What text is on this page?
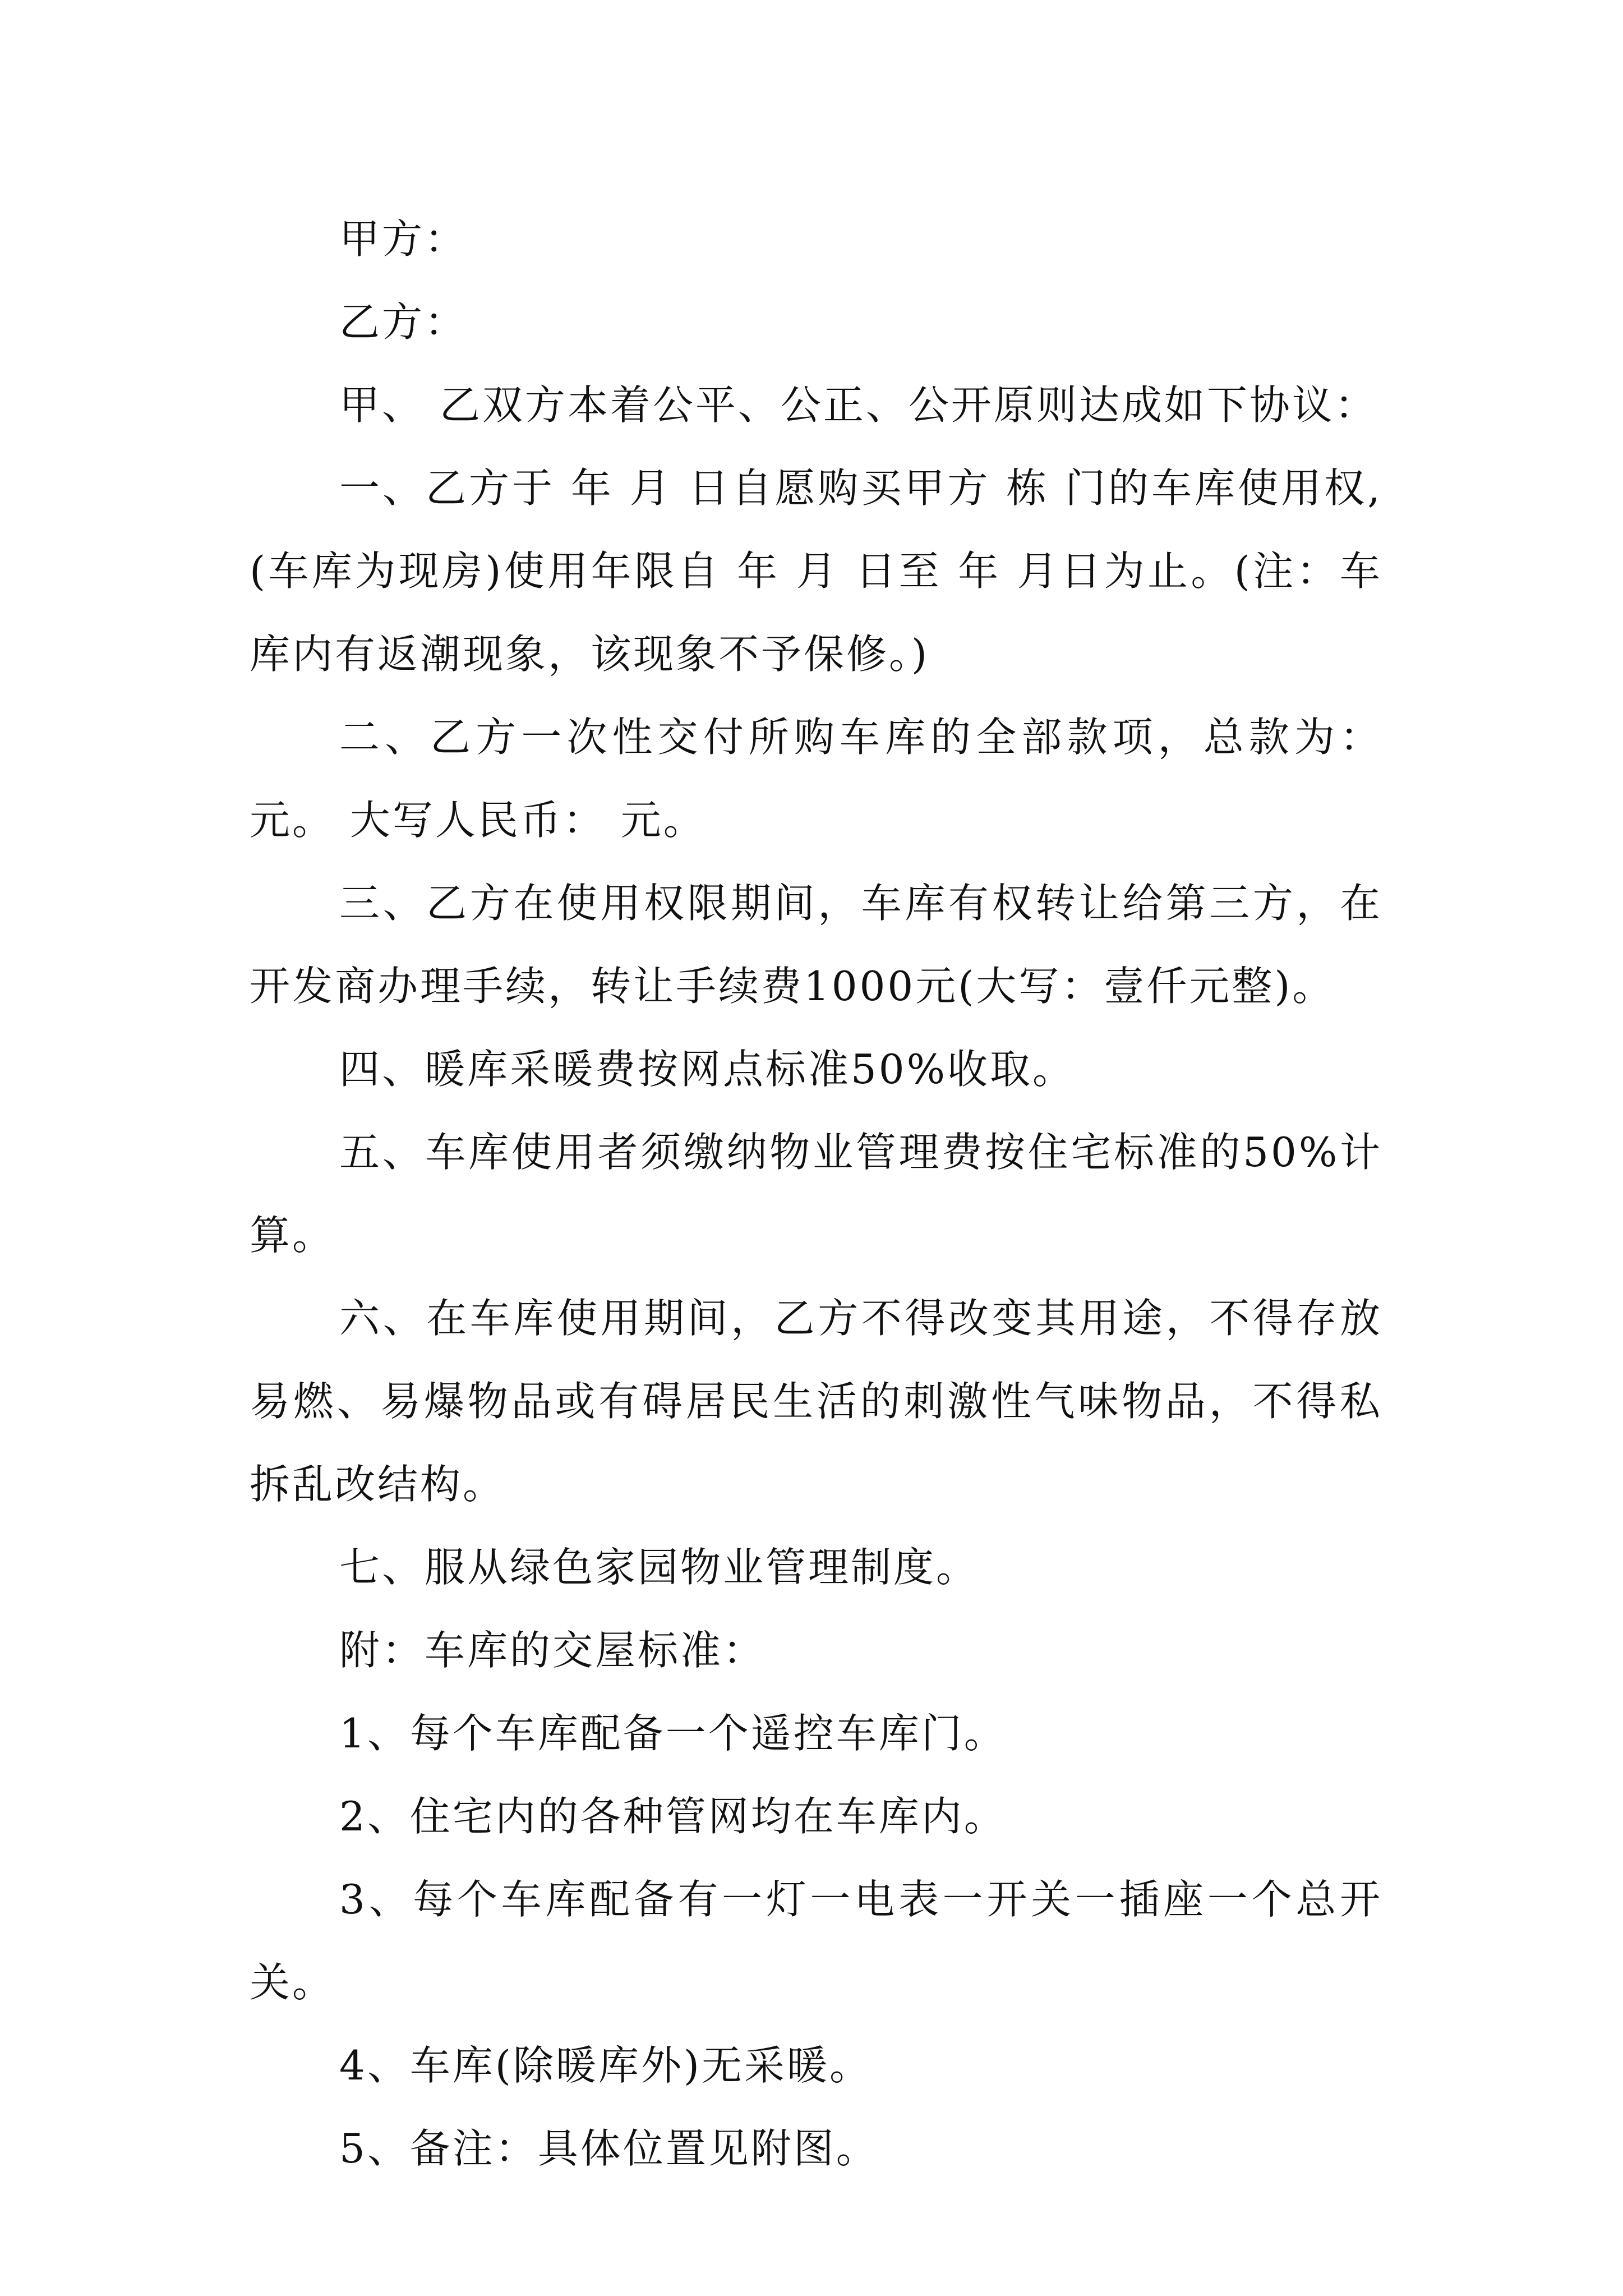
甲方：

乙方：

甲、 乙双方本着公平、公正、公开原则达成如下协议：

一、乙方于 年 月 日自愿购买甲方 栋 门的车库使用权,(车库为现房)使用年限自 年 月 日至 年 月日为止。(注：车库内有返潮现象，该现象不予保修。)

二、乙方一次性交付所购车库的全部款项，总款为： 元。 大写人民币： 元。

三、乙方在使用权限期间，车库有权转让给第三方，在开发商办理手续，转让手续费1000元(大写：壹仟元整)。

四、暖库采暖费按网点标准50%收取。

五、车库使用者须缴纳物业管理费按住宅标准的50%计算。

六、在车库使用期间，乙方不得改变其用途，不得存放易燃、易爆物品或有碍居民生活的刺激性气味物品，不得私拆乱改结构。

七、服从绿色家园物业管理制度。

附：车库的交屋标准：

1、每个车库配备一个遥控车库门。

2、住宅内的各种管网均在车库内。

3、每个车库配备有一灯一电表一开关一插座一个总开关。

4、车库(除暖库外)无采暖。

5、备注：具体位置见附图。
